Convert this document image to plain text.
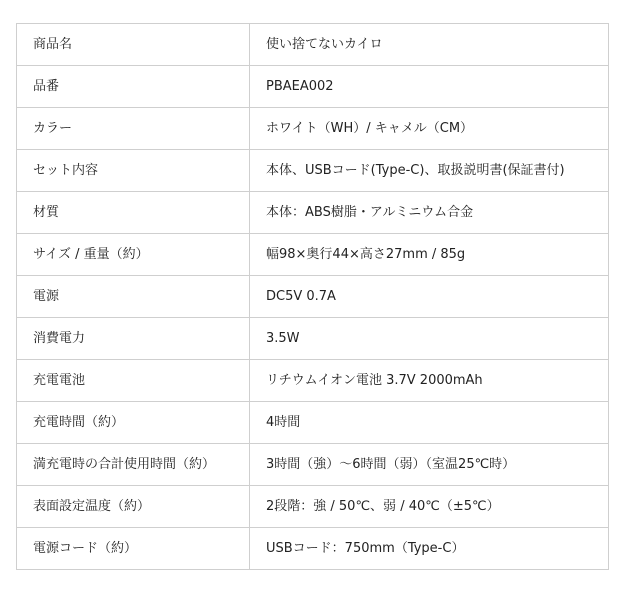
商品名	使い捨てないカイロ
品番	PBAEA002
カラー	ホワイト（WH）/ キャメル（CM）
セット内容	本体、USBコード(Type-C)、取扱説明書(保証書付)
材質	本体：ABS樹脂・アルミニウム合金
サイズ / 重量（約）	幅98×奥行44×高さ27mm / 85g
電源	DC5V 0.7A
消費電力	3.5W
充電電池	リチウムイオン電池 3.7V 2000mAh
充電時間（約）	4時間
満充電時の合計使用時間（約）	3時間（強）～6時間（弱）（室温25℃時）
表面設定温度（約）	2段階：強 / 50℃、弱 / 40℃（±5℃）
電源コード（約）	USBコード：750mm（Type-C）
